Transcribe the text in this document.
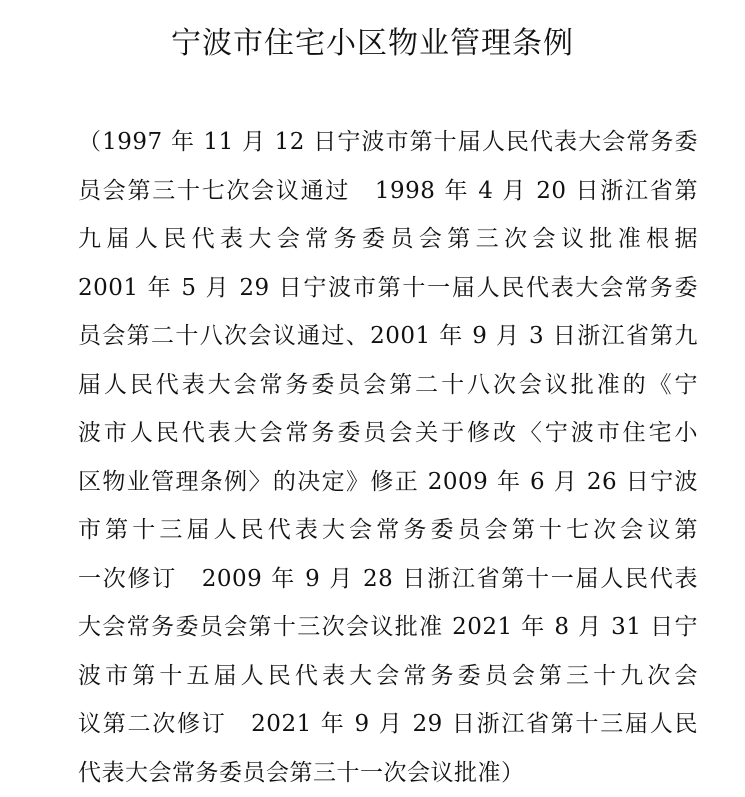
宁波市住宅小区物业管理条例
（1997 年 11 月 12 日宁波市第十届人民代表大会常务委
员会第三十七次会议通过　1998 年 4 月 20 日浙江省第
九届人民代表大会常务委员会第三次会议批准根据
2001 年 5 月 29 日宁波市第十一届人民代表大会常务委
员会第二十八次会议通过、2001 年 9 月 3 日浙江省第九
届人民代表大会常务委员会第二十八次会议批准的《宁
波市人民代表大会常务委员会关于修改〈宁波市住宅小
区物业管理条例〉的决定》修正 2009 年 6 月 26 日宁波
市第十三届人民代表大会常务委员会第十七次会议第
一次修订　2009 年 9 月 28 日浙江省第十一届人民代表
大会常务委员会第十三次会议批准 2021 年 8 月 31 日宁
波市第十五届人民代表大会常务委员会第三十九次会
议第二次修订　2021 年 9 月 29 日浙江省第十三届人民
代表大会常务委员会第三十一次会议批准）
